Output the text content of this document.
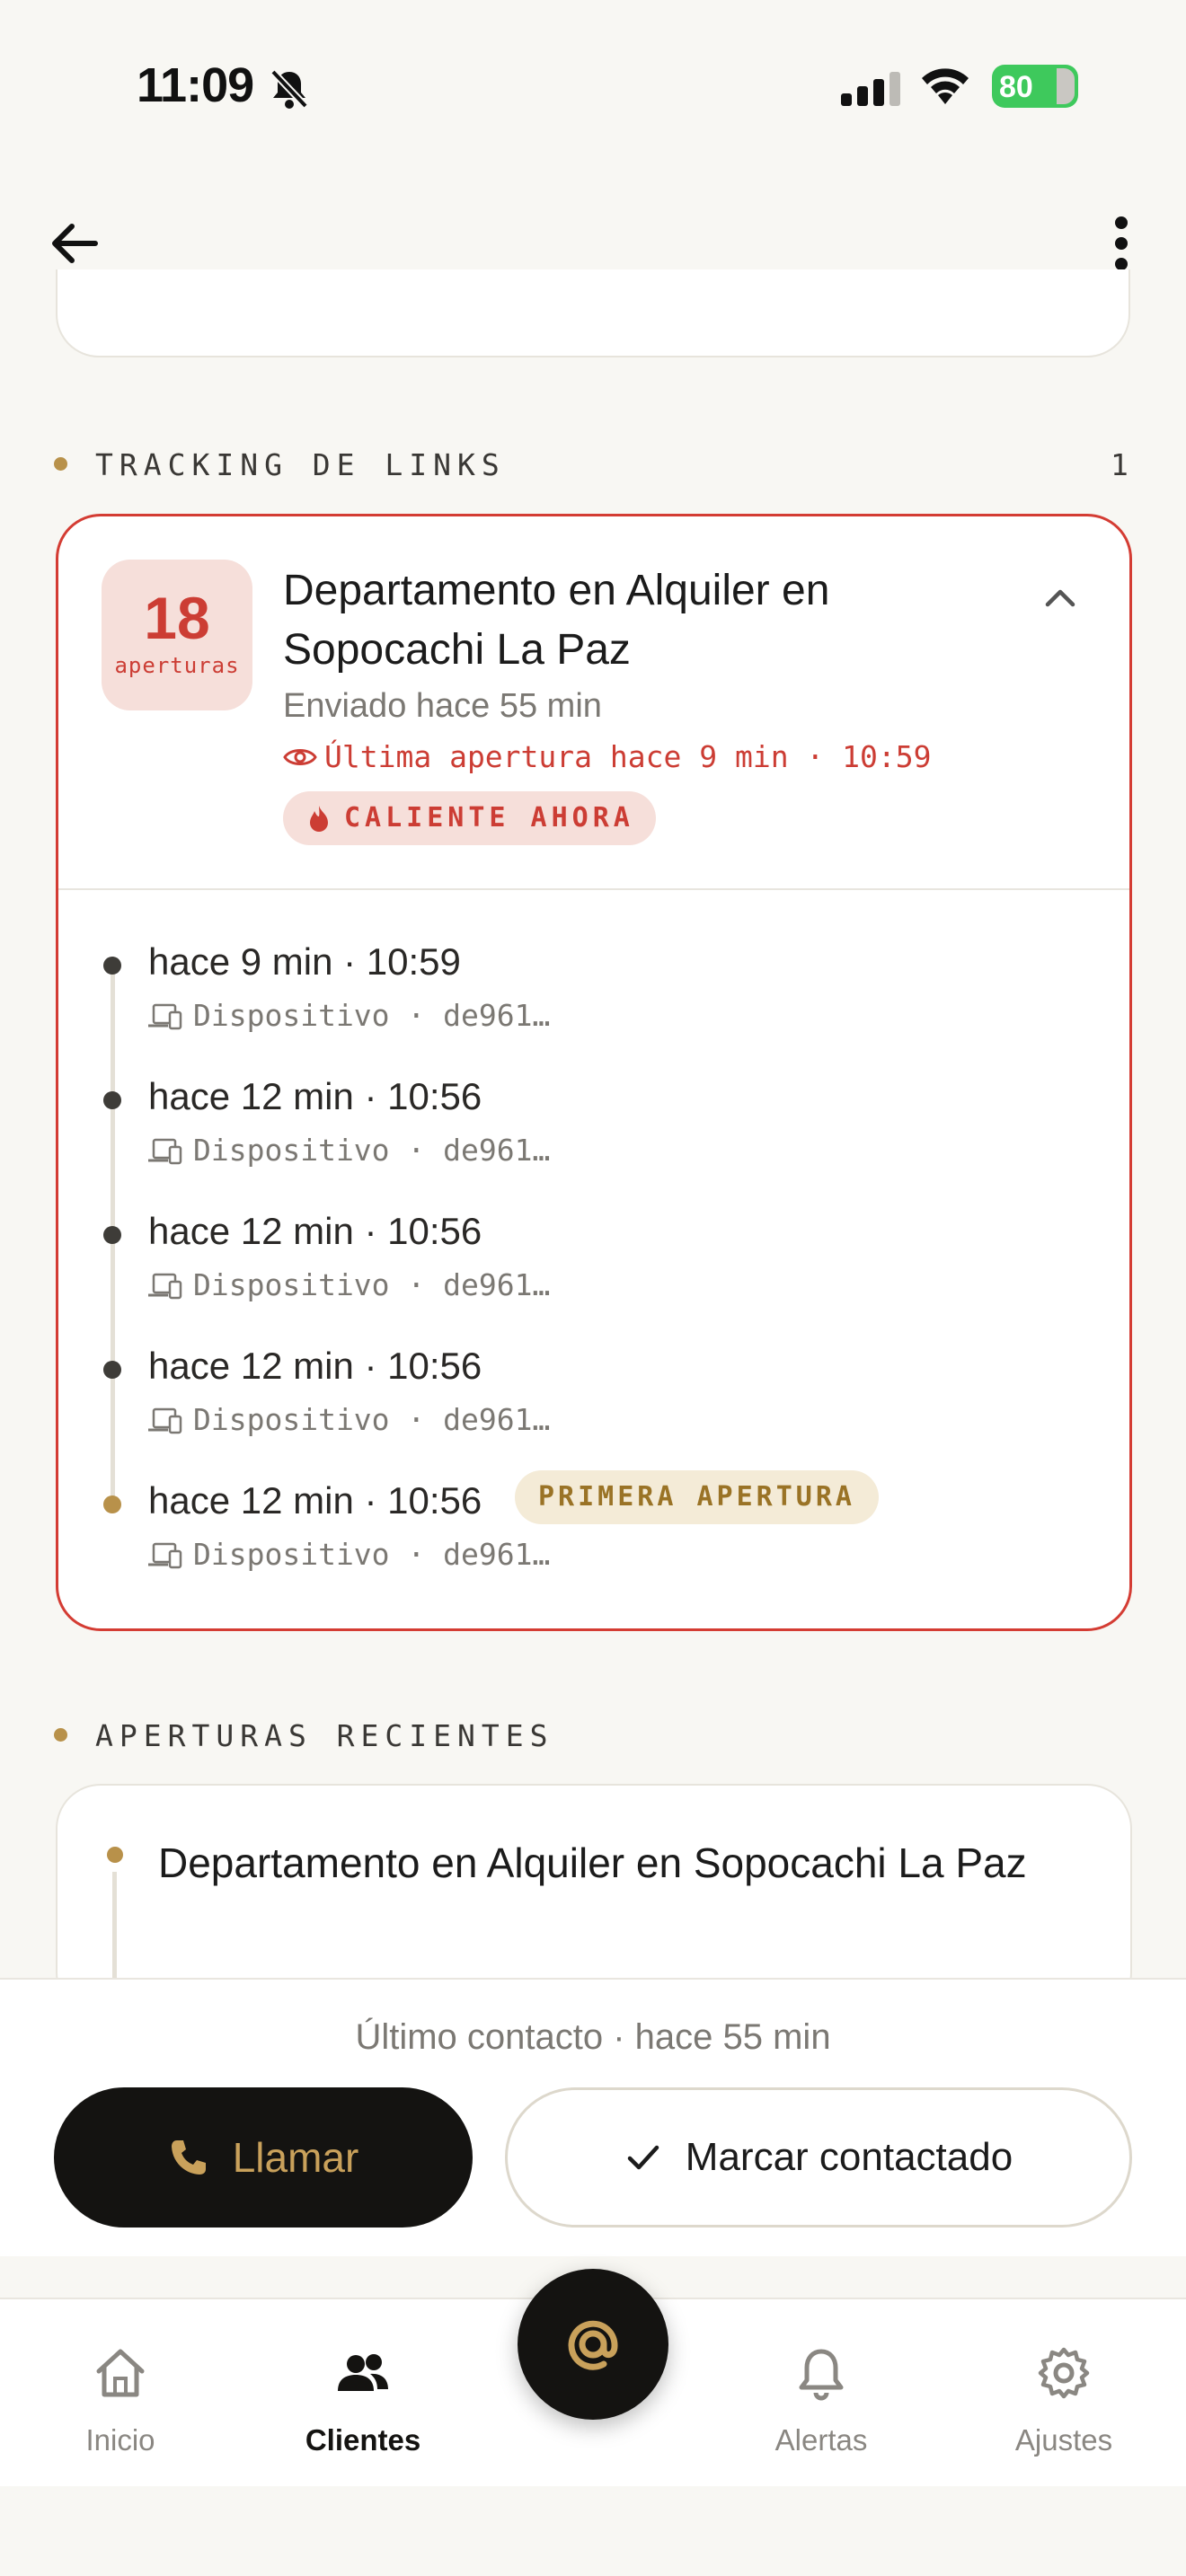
11:09	80
TRACKING DE LINKS	1
18
aperturas
Departamento en Alquiler en Sopocachi La Paz
Enviado hace 55 min
Última apertura hace 9 min · 10:59
CALIENTE AHORA
hace 9 min · 10:59
Dispositivo · de961…
hace 12 min · 10:56
Dispositivo · de961…
hace 12 min · 10:56
Dispositivo · de961…
hace 12 min · 10:56
Dispositivo · de961…
hace 12 min · 10:56	PRIMERA APERTURA
Dispositivo · de961…
APERTURAS RECIENTES
Departamento en Alquiler en Sopocachi La Paz
Último contacto · hace 55 min
Llamar	Marcar contactado
Inicio	Clientes	Alertas	Ajustes
